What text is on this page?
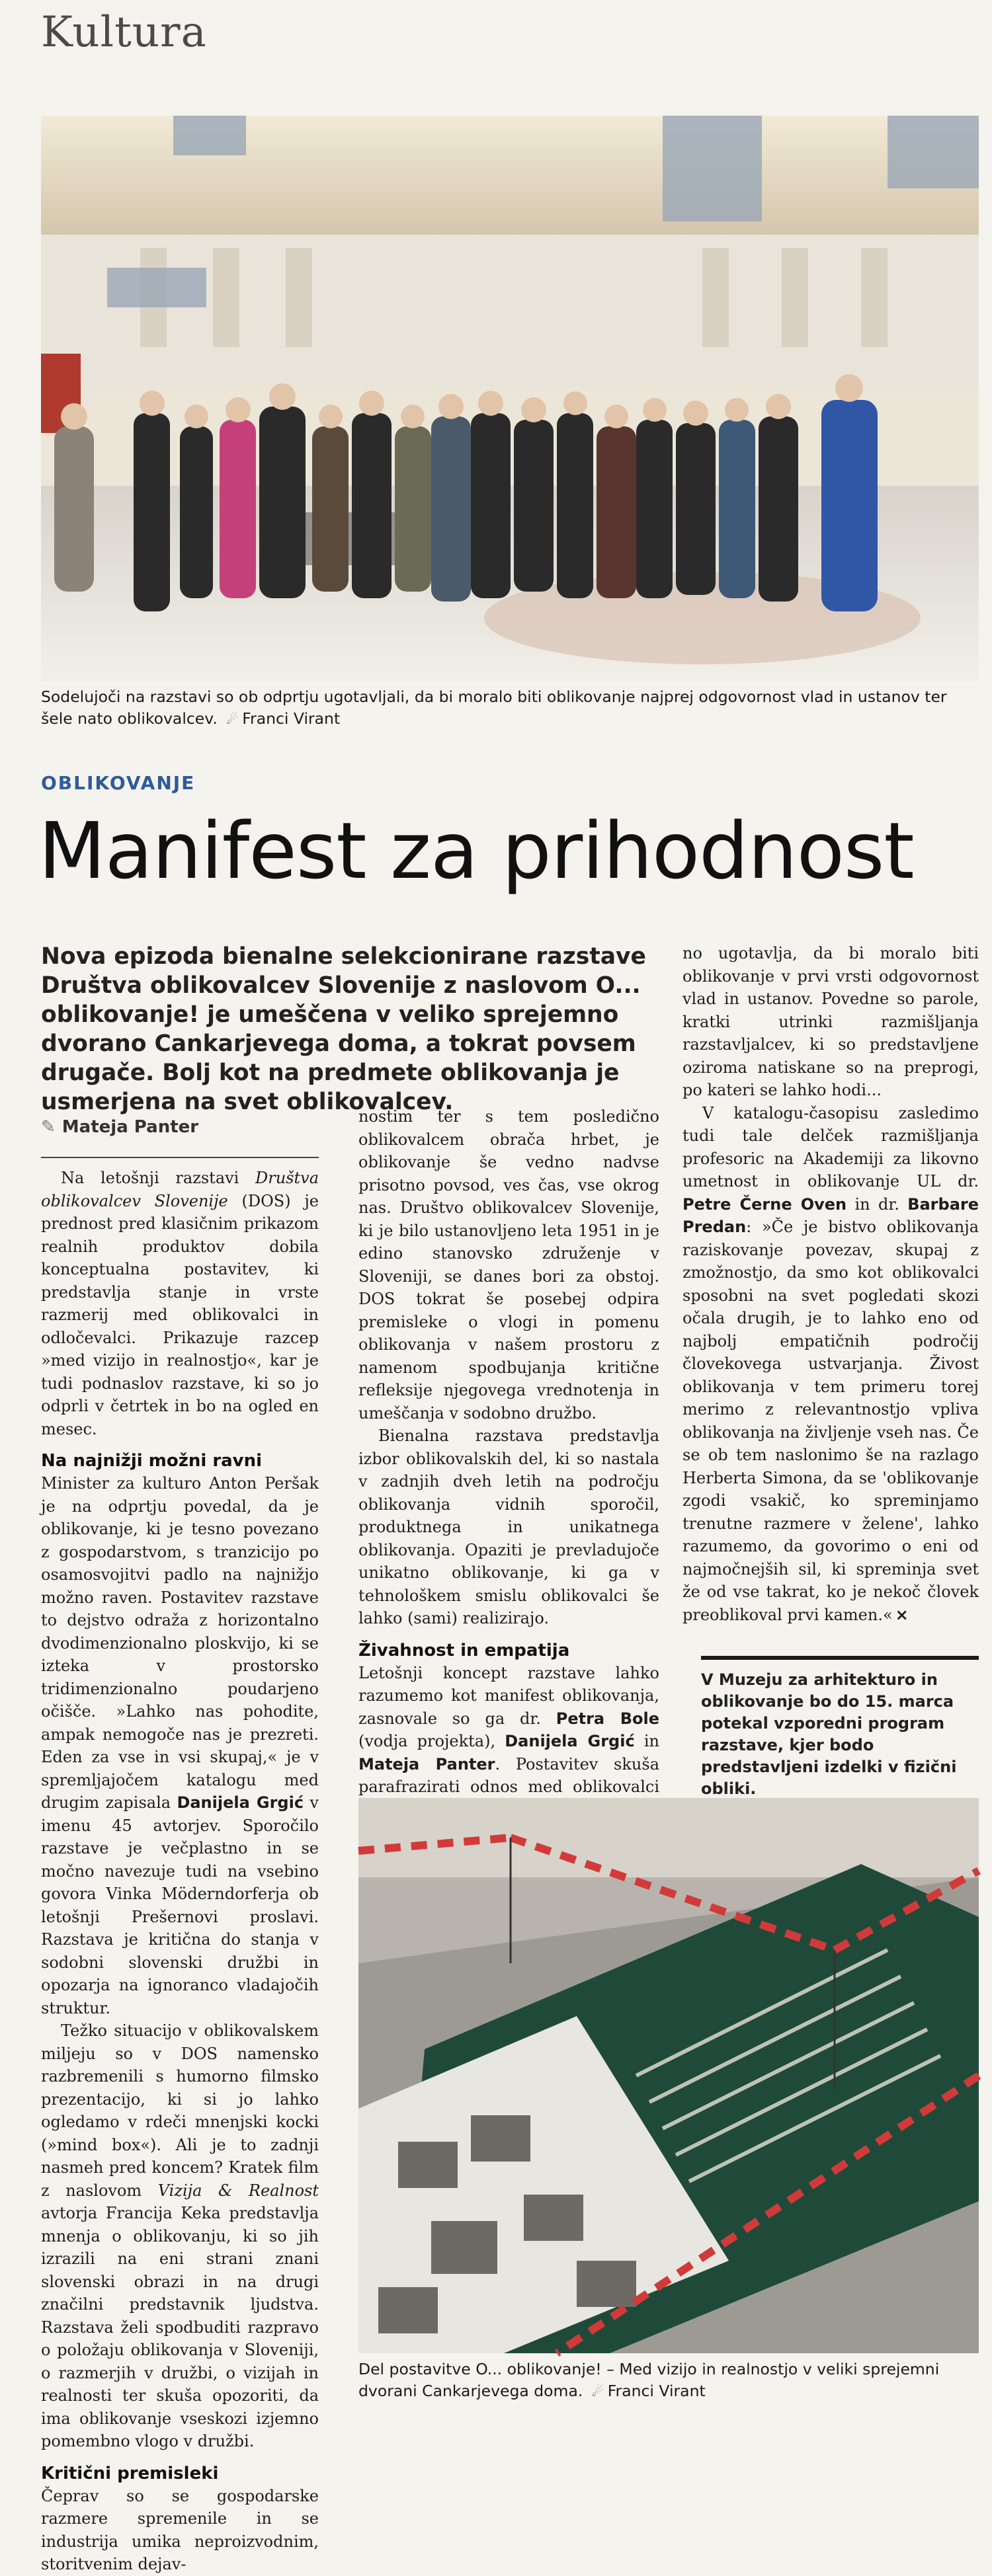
Kultura
Sodelujoči na razstavi so ob odprtju ugotavljali, da bi moralo biti oblikovanje najprej odgovornost vlad in ustanov ter šele nato oblikovalcev. ☄ Franci Virant
OBLIKOVANJE
Manifest za prihodnost
Nova epizoda bienalne selekcionirane razstave Društva oblikovalcev Slovenije z naslovom O... oblikovanje! je umeščena v veliko sprejemno dvorano Cankarjevega doma, a tokrat povsem drugače. Bolj kot na predmete oblikovanja je usmerjena na svet oblikovalcev.
✎ Mateja Panter

Na letošnji razstavi Društva oblikovalcev Slovenije (DOS) je prednost pred klasičnim prikazom realnih produktov dobila konceptualna postavitev, ki predstavlja stanje in vrste razmerij med oblikovalci in odločevalci. Prikazuje razcep »med vizijo in realnostjo«, kar je tudi podnaslov razstave, ki so jo odprli v četrtek in bo na ogled en mesec.

Na najnižji možni ravni

Minister za kulturo Anton Peršak je na odprtju povedal, da je oblikovanje, ki je tesno povezano z gospodarstvom, s tranzicijo po osamosvojitvi padlo na najnižjo možno raven. Postavitev razstave to dejstvo odraža z horizontalno dvodimenzionalno ploskvijo, ki se izteka v prostorsko tridimenzionalno poudarjeno očišče. »Lahko nas pohodite, ampak nemogoče nas je prezreti. Eden za vse in vsi skupaj,« je v spremljajočem katalogu med drugim zapisala Danijela Grgić v imenu 45 avtorjev. Sporočilo razstave je večplastno in se močno navezuje tudi na vsebino govora Vinka Möderndorferja ob letošnji Prešernovi proslavi. Razstava je kritična do stanja v sodobni slovenski družbi in opozarja na ignoranco vladajočih struktur.

Težko situacijo v oblikovalskem miljeju so v DOS namensko razbremenili s humorno filmsko prezentacijo, ki si jo lahko ogledamo v rdeči mnenjski kocki (»mind box«). Ali je to zadnji nasmeh pred koncem? Kratek film z naslovom Vizija & Realnost avtorja Francija Keka predstavlja mnenja o oblikovanju, ki so jih izrazili na eni strani znani slovenski obrazi in na drugi značilni predstavnik ljudstva. Razstava želi spodbuditi razpravo o položaju oblikovanja v Sloveniji, o razmerjih v družbi, o vizijah in realnosti ter skuša opozoriti, da ima oblikovanje vseskozi izjemno pomembno vlogo v družbi.

Kritični premisleki

Čeprav so se gospodarske razmere spremenile in se industrija umika neproizvodnim, storitvenim dejav-

nostim ter s tem posledično oblikovalcem obrača hrbet, je oblikovanje še vedno nadvse prisotno povsod, ves čas, vse okrog nas. Društvo oblikovalcev Slovenije, ki je bilo ustanovljeno leta 1951 in je edino stanovsko združenje v Sloveniji, se danes bori za obstoj. DOS tokrat še posebej odpira premisleke o vlogi in pomenu oblikovanja v našem prostoru z namenom spodbujanja kritične refleksije njegovega vrednotenja in umeščanja v sodobno družbo.

Bienalna razstava predstavlja izbor oblikovalskih del, ki so nastala v zadnjih dveh letih na področju oblikovanja vidnih sporočil, produktnega in unikatnega oblikovanja. Opaziti je prevladujoče unikatno oblikovanje, ki ga v tehnološkem smislu oblikovalci še lahko (sami) realizirajo.

Živahnost in empatija

Letošnji koncept razstave lahko razumemo kot manifest oblikovanja, zasnovale so ga dr. Petra Bole (vodja projekta), Danijela Grgić in Mateja Panter. Postavitev skuša parafrazirati odnos med oblikovalci

no ugotavlja, da bi moralo biti oblikovanje v prvi vrsti odgovornost vlad in ustanov. Povedne so parole, kratki utrinki razmišljanja razstavljalcev, ki so predstavljene oziroma natiskane so na preprogi, po kateri se lahko hodi...

V katalogu-časopisu zasledimo tudi tale delček razmišljanja profesoric na Akademiji za likovno umetnost in oblikovanje UL dr. Petre Černe Oven in dr. Barbare Predan: »Če je bistvo oblikovanja raziskovanje povezav, skupaj z zmožnostjo, da smo kot oblikovalci sposobni na svet pogledati skozi očala drugih, je to lahko eno od najbolj empatičnih področij človekovega ustvarjanja. Živost oblikovanja v tem primeru torej merimo z relevantnostjo vpliva oblikovanja na življenje vseh nas. Če se ob tem naslonimo še na razlago Herberta Simona, da se 'oblikovanje zgodi vsakič, ko spreminjamo trenutne razmere v želene', lahko razumemo, da govorimo o eni od najmočnejših sil, ki spreminja svet že od vse takrat, ko je nekoč človek preoblikoval prvi kamen.« ×

V Muzeju za arhitekturo in oblikovanje bo do 15. marca potekal vzporedni program razstave, kjer bodo predstavljeni izdelki v fizični obliki.
Del postavitve O... oblikovanje! – Med vizijo in realnostjo v veliki sprejemni dvorani Cankarjevega doma. ☄ Franci Virant
